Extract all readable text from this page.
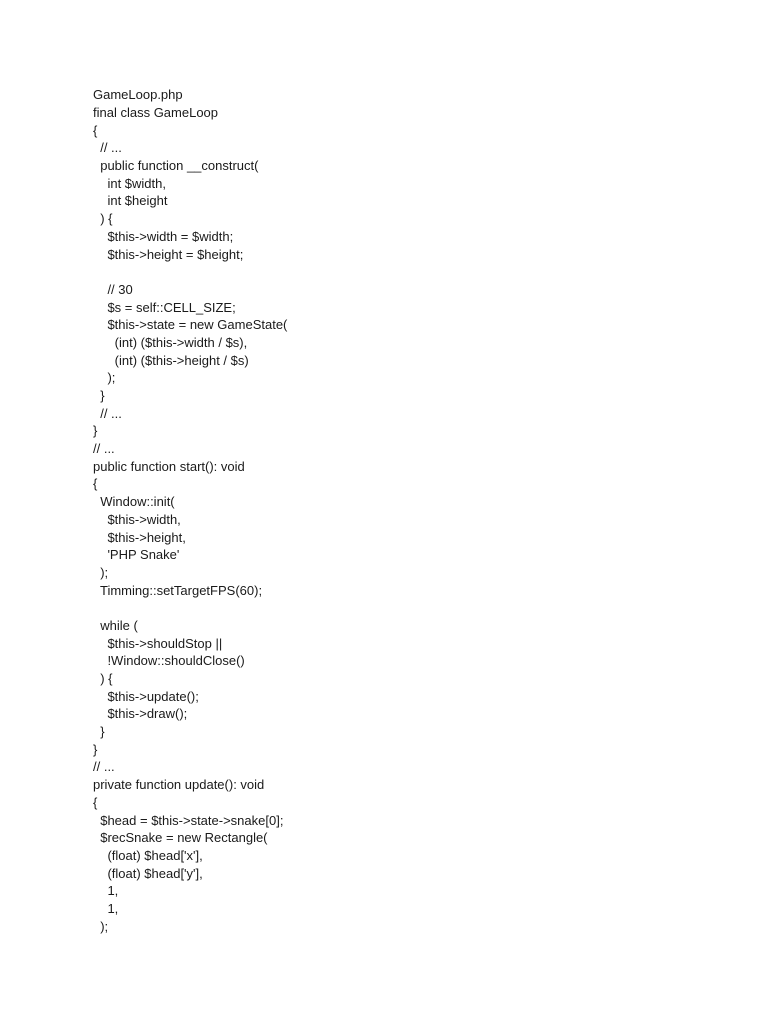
GameLoop.php
final class GameLoop
{
// ...
public function __construct(
int $width,
int $height
) {
$this->width = $width;
$this->height = $height;
// 30
$s = self::CELL_SIZE;
$this->state = new GameState(
(int) ($this->width / $s),
(int) ($this->height / $s)
);
}
// ...
}
// ...
public function start(): void
{
Window::init(
$this->width,
$this->height,
'PHP Snake'
);
Timming::setTargetFPS(60);
while (
$this->shouldStop ||
!Window::shouldClose()
) {
$this->update();
$this->draw();
}
}
// ...
private function update(): void
{
$head = $this->state->snake[0];
$recSnake = new Rectangle(
(float) $head['x'],
(float) $head['y'],
1,
1,
);
